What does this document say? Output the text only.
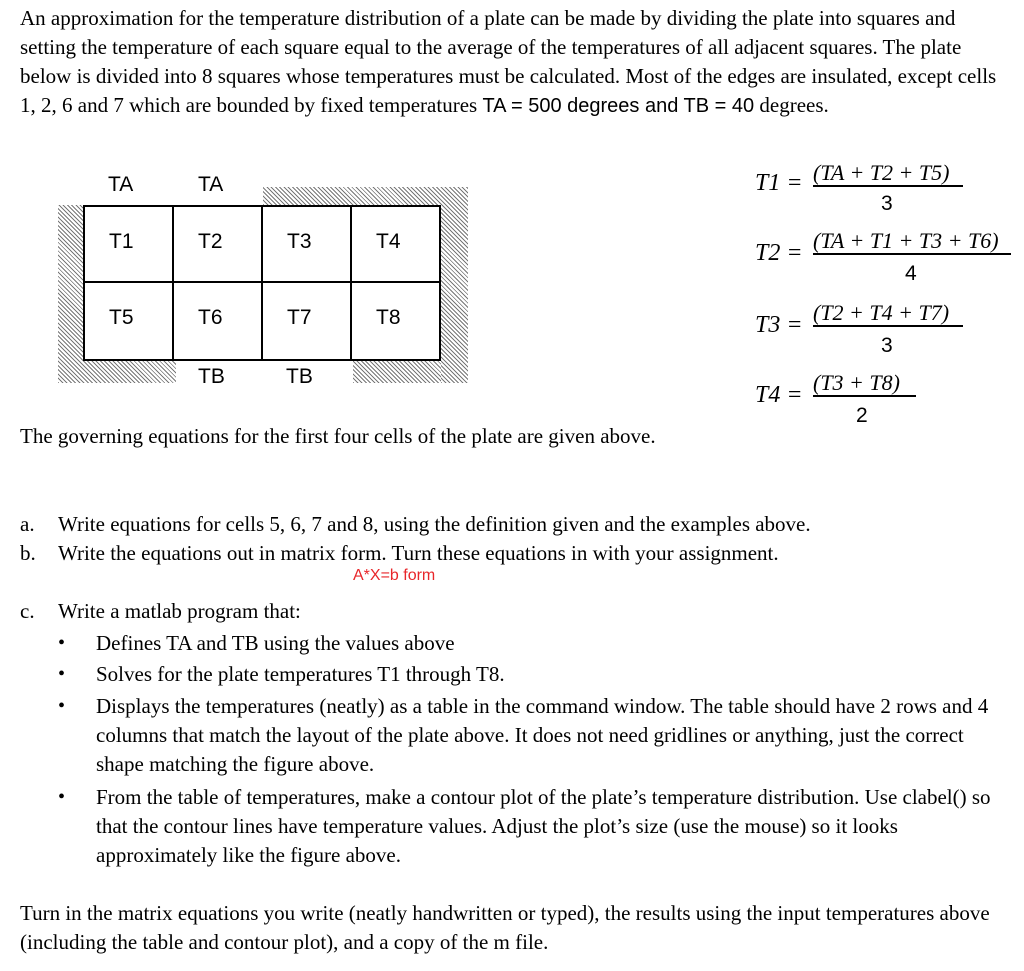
An approximation for the temperature distribution of a plate can be made by dividing the plate into squares and setting the temperature of each square equal to the average of the temperatures of all adjacent squares. The plate below is divided into 8 squares whose temperatures must be calculated. Most of the edges are insulated, except cells 1, 2, 6 and 7 which are bounded by fixed temperatures TA = 500 degrees and TB = 40 degrees.

TA	TA
TB	TB
T1	T2	T3	T4
T5	T6	T7	T8
T1 = (TA + T2 + T5)
3
T2 = (TA + T1 + T3 + T6)
4
T3 = (T2 + T4 + T7)
3
T4 = (T3 + T8)
2

The governing equations for the first four cells of the plate are given above.

a. Write equations for cells 5, 6, 7 and 8, using the definition given and the examples above.
b. Write the equations out in matrix form. Turn these equations in with your assignment.
A*X=b form
c. Write a matlab program that:
• Defines TA and TB using the values above
• Solves for the plate temperatures T1 through T8.
• Displays the temperatures (neatly) as a table in the command window. The table should have 2 rows and 4 columns that match the layout of the plate above. It does not need gridlines or anything, just the correct shape matching the figure above.
• From the table of temperatures, make a contour plot of the plate’s temperature distribution. Use clabel() so that the contour lines have temperature values. Adjust the plot’s size (use the mouse) so it looks approximately like the figure above.

Turn in the matrix equations you write (neatly handwritten or typed), the results using the input temperatures above (including the table and contour plot), and a copy of the m file.
